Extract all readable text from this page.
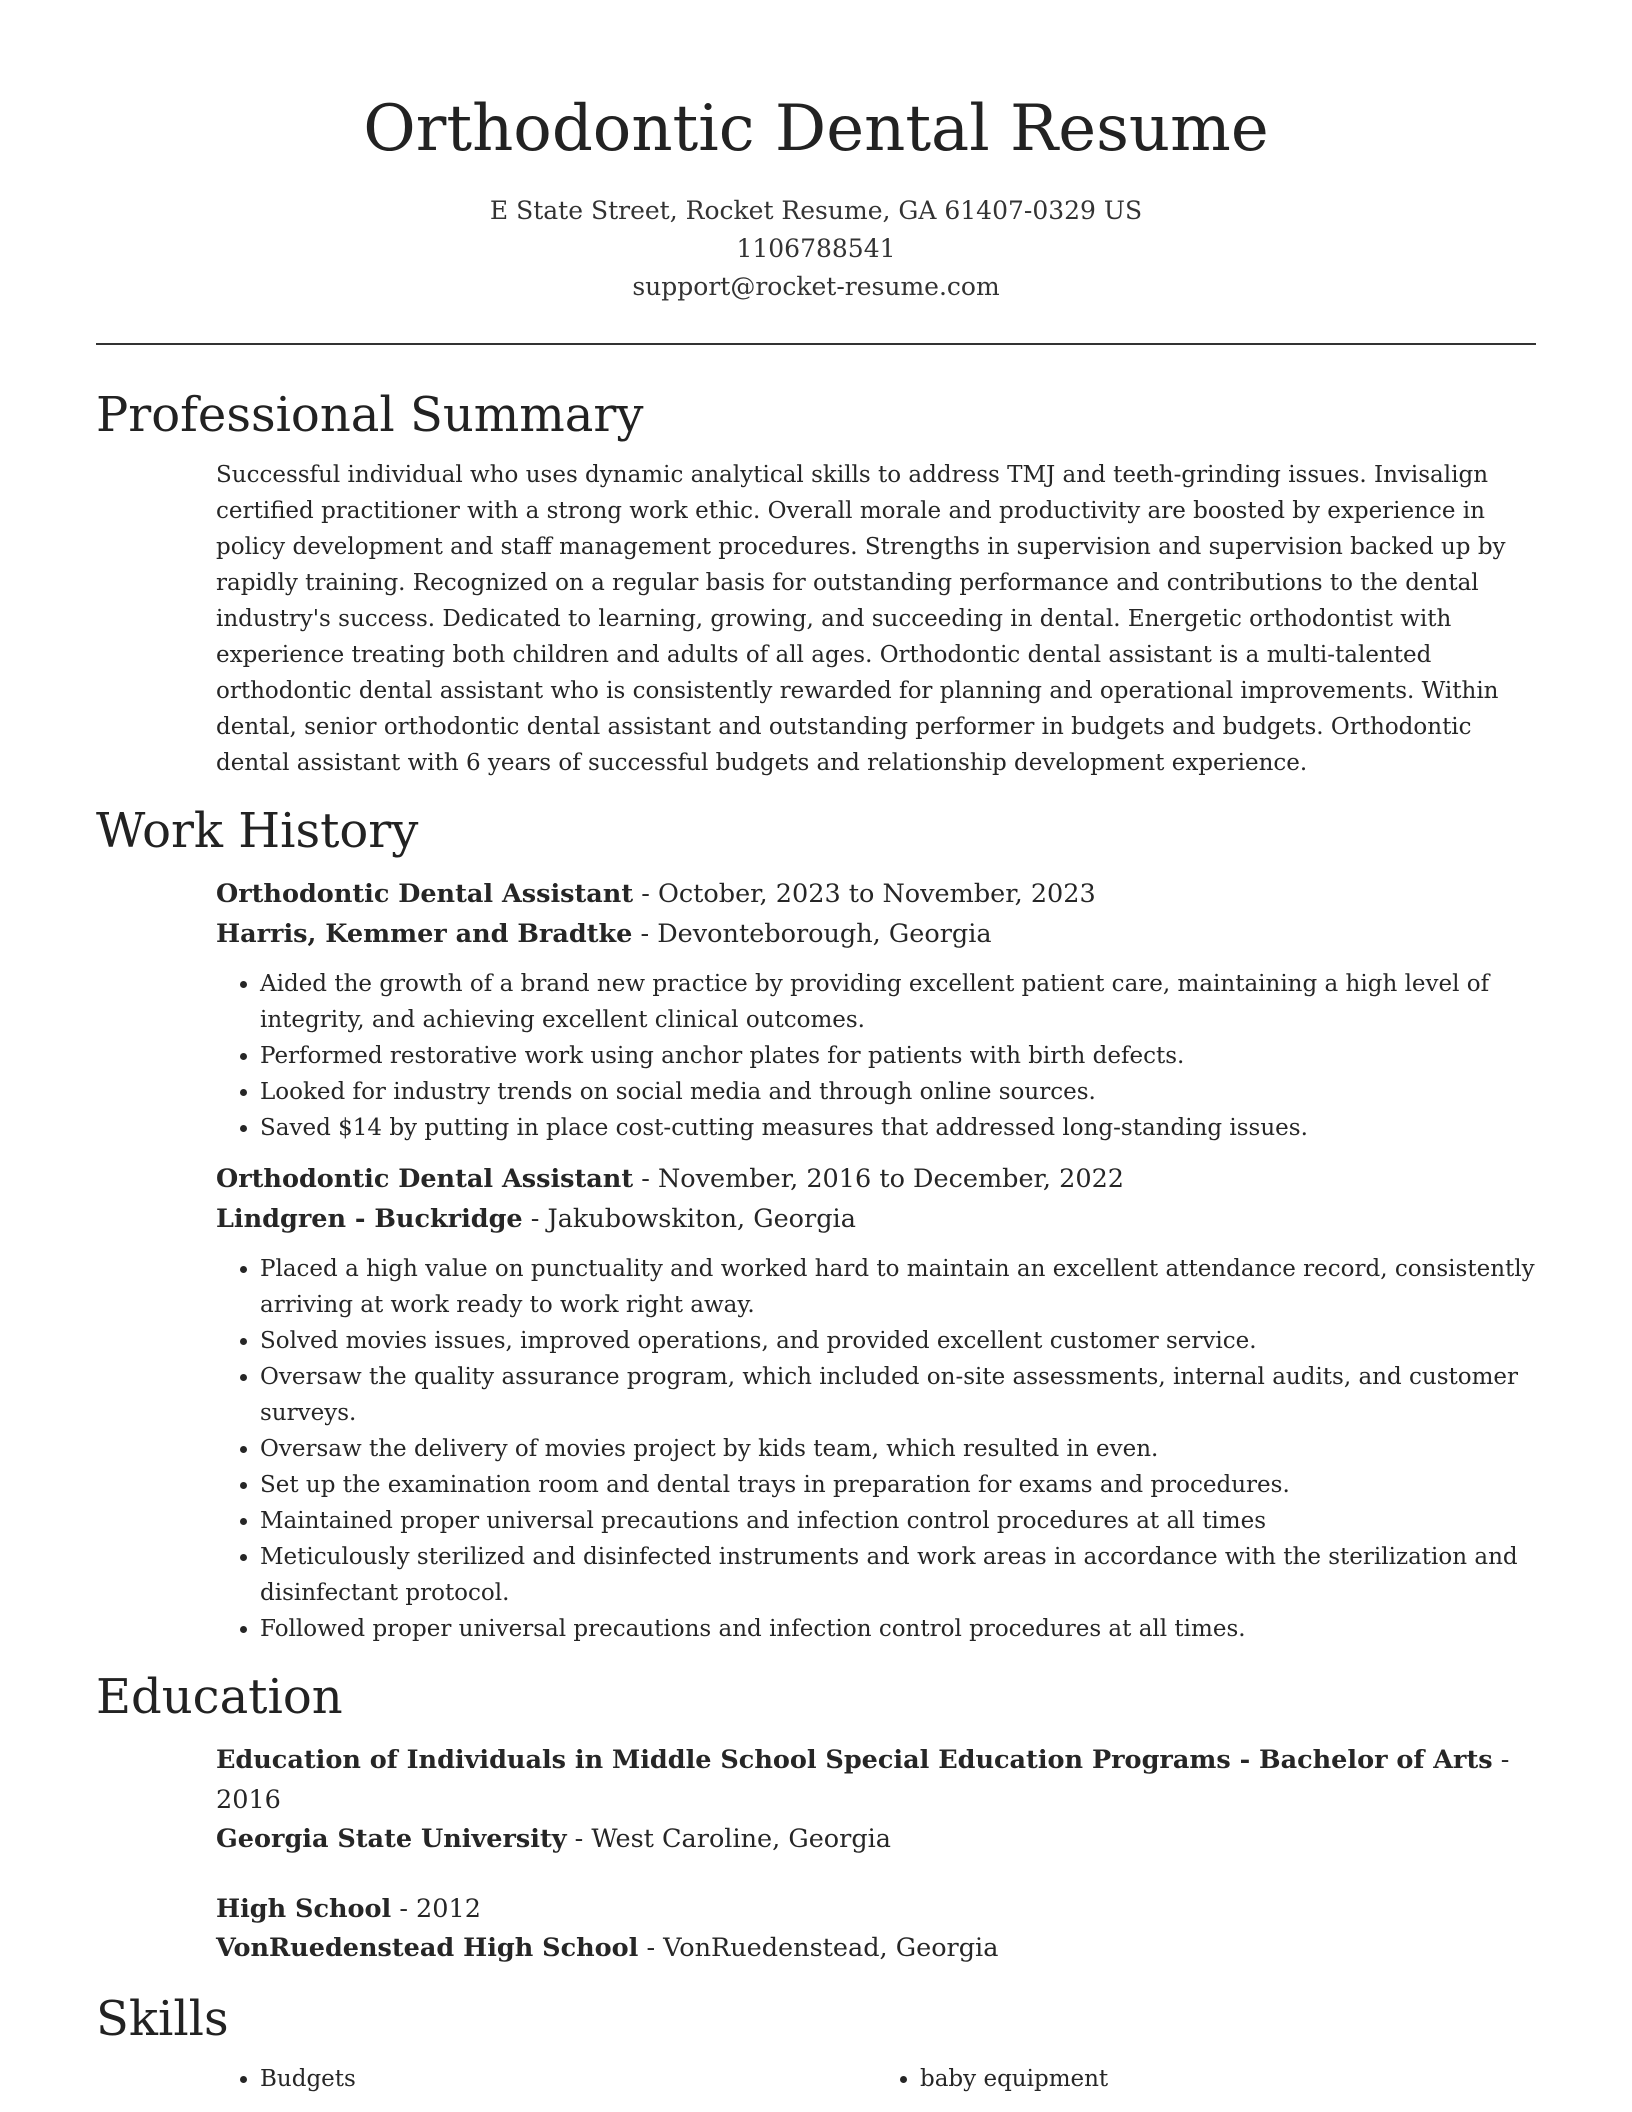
Orthodontic Dental Resume
E State Street, Rocket Resume, GA 61407-0329 US
1106788541
support@rocket-resume.com
Professional Summary

Successful individual who uses dynamic analytical skills to address TMJ and teeth-grinding issues. Invisalign certified practitioner with a strong work ethic. Overall morale and productivity are boosted by experience in policy development and staff management procedures. Strengths in supervision and supervision backed up by rapidly training. Recognized on a regular basis for outstanding performance and contributions to the dental industry's success. Dedicated to learning, growing, and succeeding in dental. Energetic orthodontist with experience treating both children and adults of all ages. Orthodontic dental assistant is a multi-talented orthodontic dental assistant who is consistently rewarded for planning and operational improvements. Within dental, senior orthodontic dental assistant and outstanding performer in budgets and budgets. Orthodontic dental assistant with 6 years of successful budgets and relationship development experience.

Work History
Orthodontic Dental Assistant - October, 2023 to November, 2023
Harris, Kemmer and Bradtke - Devonteborough, Georgia
• Aided the growth of a brand new practice by providing excellent patient care, maintaining a high level of integrity, and achieving excellent clinical outcomes.
• Performed restorative work using anchor plates for patients with birth defects.
• Looked for industry trends on social media and through online sources.
• Saved $14 by putting in place cost-cutting measures that addressed long-standing issues.
Orthodontic Dental Assistant - November, 2016 to December, 2022
Lindgren - Buckridge - Jakubowskiton, Georgia
• Placed a high value on punctuality and worked hard to maintain an excellent attendance record, consistently arriving at work ready to work right away.
• Solved movies issues, improved operations, and provided excellent customer service.
• Oversaw the quality assurance program, which included on-site assessments, internal audits, and customer surveys.
• Oversaw the delivery of movies project by kids team, which resulted in even.
• Set up the examination room and dental trays in preparation for exams and procedures.
• Maintained proper universal precautions and infection control procedures at all times
• Meticulously sterilized and disinfected instruments and work areas in accordance with the sterilization and disinfectant protocol.
• Followed proper universal precautions and infection control procedures at all times.
Education
Education of Individuals in Middle School Special Education Programs - Bachelor of Arts - 2016
Georgia State University - West Caroline, Georgia
High School - 2012
VonRuedenstead High School - VonRuedenstead, Georgia
Skills
• Budgets
•	baby equipment
